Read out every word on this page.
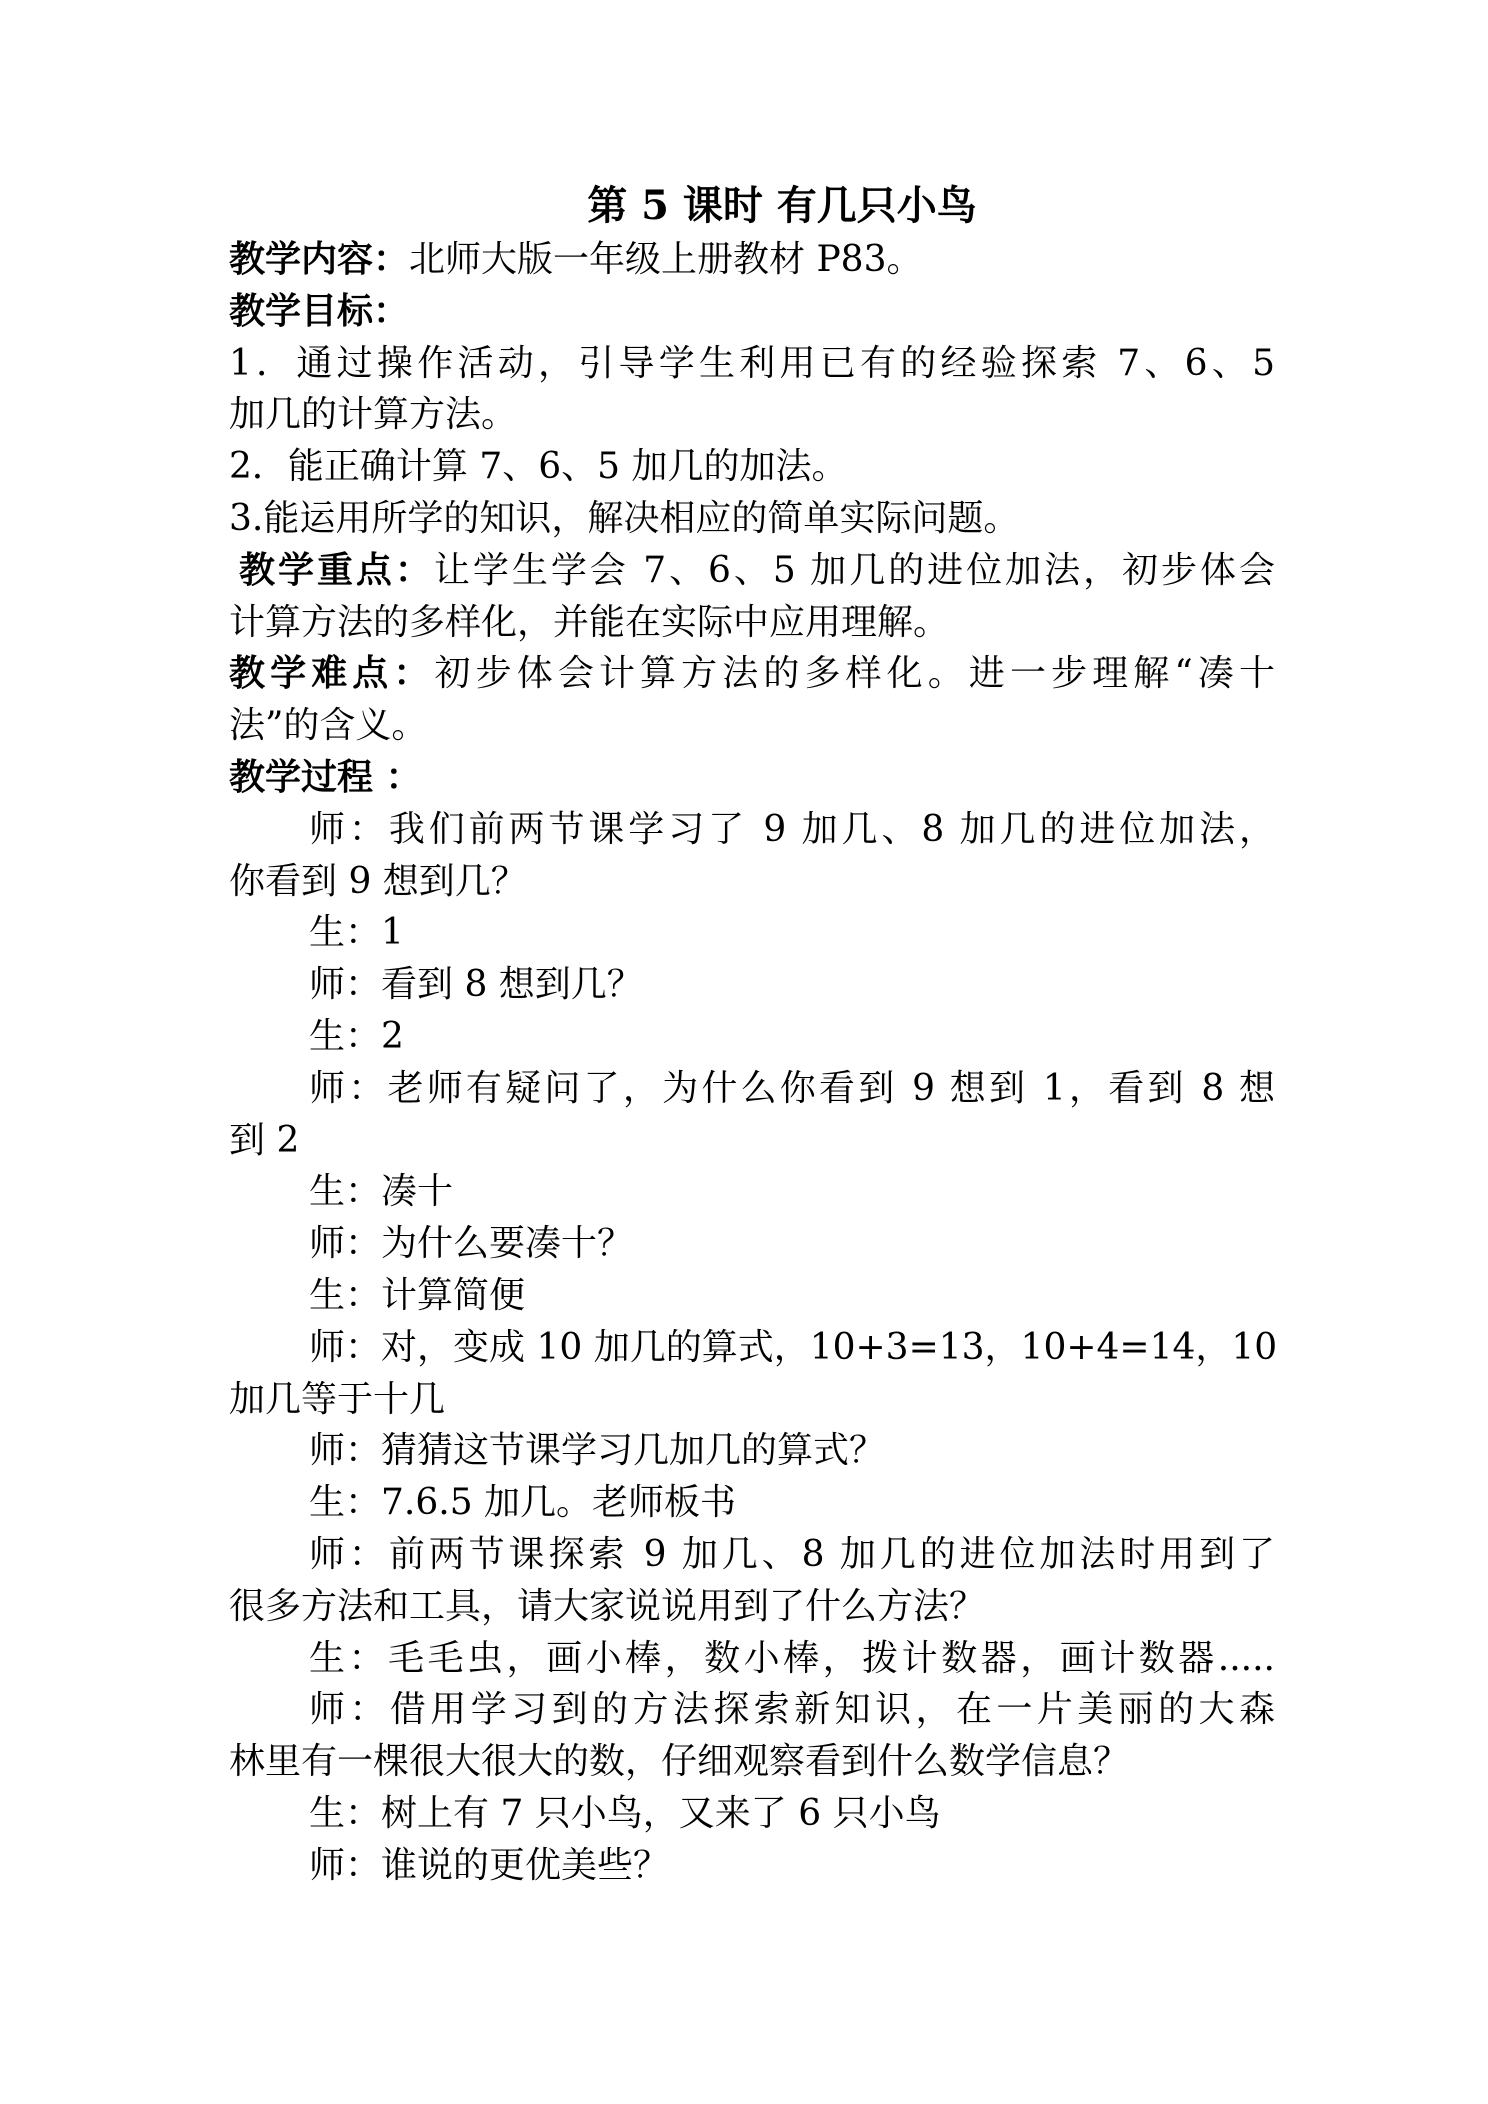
第 5 课时 有几只小鸟
教学内容：北师大版一年级上册教材 P83。
教学目标：
1．通过操作活动，引导学生利用已有的经验探索 7、6、5
加几的计算方法。
2．能正确计算 7、6、5 加几的加法。
3.能运用所学的知识，解决相应的简单实际问题。
教学重点：让学生学会 7、6、5 加几的进位加法，初步体会
计算方法的多样化，并能在实际中应用理解。
教学难点：初步体会计算方法的多样化。进一步理解“凑十
法”的含义。
教学过程 ：
师：我们前两节课学习了 9 加几、8 加几的进位加法，
你看到 9 想到几？
生：1
师：看到 8 想到几？
生：2
师：老师有疑问了，为什么你看到 9 想到 1，看到 8 想
到 2
生：凑十
师：为什么要凑十？
生：计算简便
师：对，变成 10 加几的算式，10+3=13，10+4=14，10
加几等于十几
师：猜猜这节课学习几加几的算式？
生：7.6.5 加几。老师板书
师：前两节课探索 9 加几、8 加几的进位加法时用到了
很多方法和工具，请大家说说用到了什么方法？
生：毛毛虫，画小棒，数小棒，拨计数器，画计数器.....
师：借用学习到的方法探索新知识，在一片美丽的大森
林里有一棵很大很大的数，仔细观察看到什么数学信息？
生：树上有 7 只小鸟，又来了 6 只小鸟
师：谁说的更优美些？
